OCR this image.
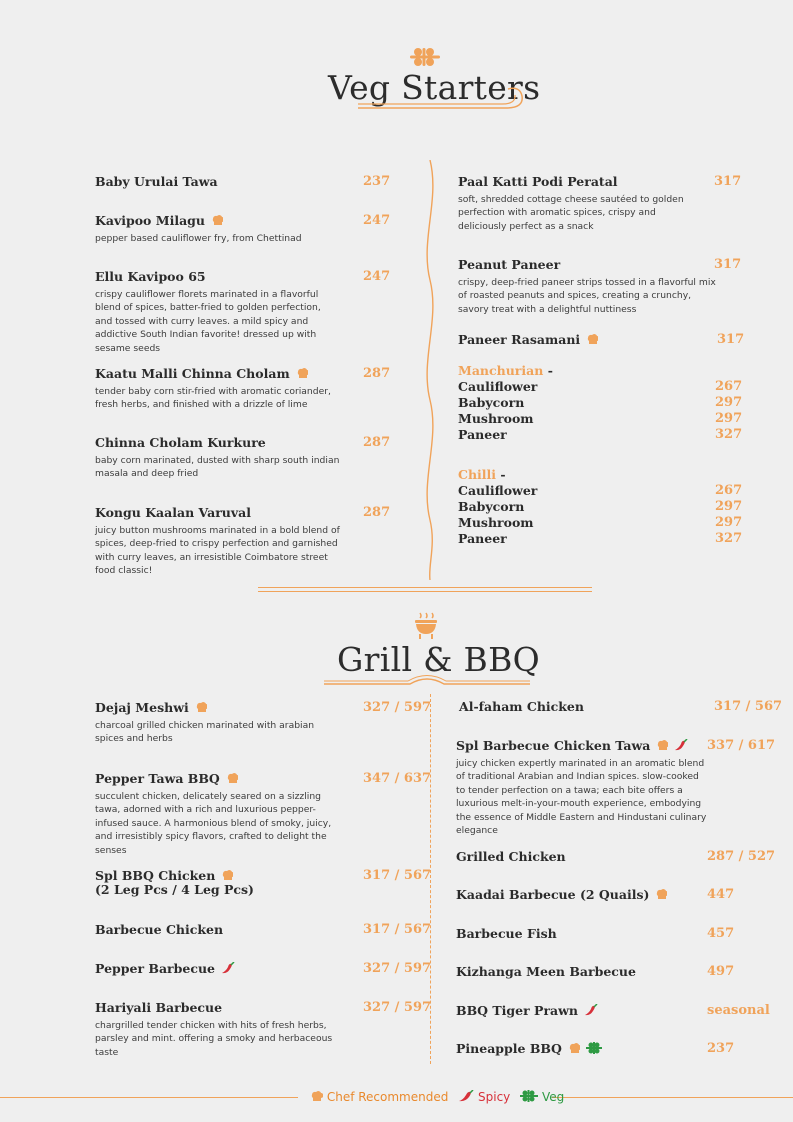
Veg Starters
Baby Urulai Tawa	237
Kavipoo Milagu	247
pepper based cauliflower fry, from Chettinad
Ellu Kavipoo 65	247
crispy cauliflower florets marinated in a flavorful blend of spices, batter-fried to golden perfection, and tossed with curry leaves. a mild spicy and addictive South Indian favorite! dressed up with sesame seeds
Kaatu Malli Chinna Cholam	287
tender baby corn stir-fried with aromatic coriander, fresh herbs, and finished with a drizzle of lime
Chinna Cholam Kurkure	287
baby corn marinated, dusted with sharp south indian masala and deep fried
Kongu Kaalan Varuval	287
juicy button mushrooms marinated in a bold blend of spices, deep-fried to crispy perfection and garnished with curry leaves, an irresistible Coimbatore street food classic!
Paal Katti Podi Peratal	317
soft, shredded cottage cheese sautéed to golden perfection with aromatic spices, crispy and deliciously perfect as a snack
Peanut Paneer	317
crispy, deep-fried paneer strips tossed in a flavorful mix of roasted peanuts and spices, creating a crunchy, savory treat with a delightful nuttiness
Paneer Rasamani	317
Manchurian -
Cauliflower	267
Babycorn	297
Mushroom	297
Paneer	327
Chilli -
Cauliflower	267
Babycorn	297
Mushroom	297
Paneer	327
Grill & BBQ
Dejaj Meshwi	327 / 597
charcoal grilled chicken marinated with arabian spices and herbs
Pepper Tawa BBQ	347 / 637
succulent chicken, delicately seared on a sizzling tawa, adorned with a rich and luxurious pepper-infused sauce. A harmonious blend of smoky, juicy, and irresistibly spicy flavors, crafted to delight the senses
Spl BBQ Chicken
(2 Leg Pcs / 4 Leg Pcs)
317 / 567
Barbecue Chicken	317 / 567
Pepper Barbecue	327 / 597
Hariyali Barbecue	327 / 597
chargrilled tender chicken with hits of fresh herbs, parsley and mint. offering a smoky and herbaceous taste
Al-faham Chicken	317 / 567
Spl Barbecue Chicken Tawa	337 / 617
juicy chicken expertly marinated in an aromatic blend of traditional Arabian and Indian spices. slow-cooked to tender perfection on a tawa; each bite offers a luxurious melt-in-your-mouth experience, embodying the essence of Middle Eastern and Hindustani culinary elegance
Grilled Chicken	287 / 527
Kaadai Barbecue (2 Quails)	447
Barbecue Fish	457
Kizhanga Meen Barbecue	497
BBQ Tiger Prawn	seasonal
Pineapple BBQ	237
Chef Recommended Spicy	Veg
